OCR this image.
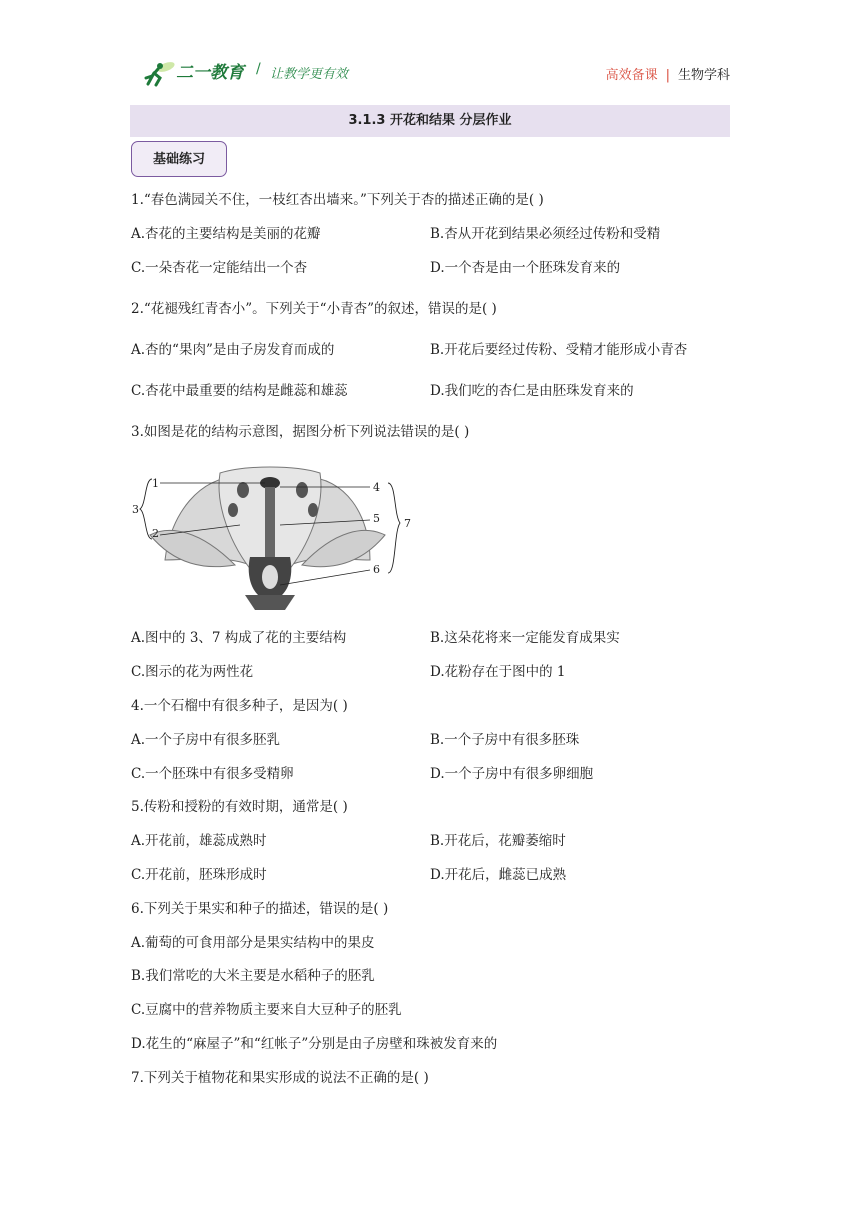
二一教育 / 让教学更有效	高效备课 | 生物学科
3.1.3 开花和结果 分层作业
基础练习
1.“春色满园关不住，一枝红杏出墙来。”下列关于杏的描述正确的是( )
A.杏花的主要结构是美丽的花瓣	B.杏从开花到结果必须经过传粉和受精
C.一朵杏花一定能结出一个杏	D.一个杏是由一个胚珠发育来的
2.“花褪残红青杏小”。下列关于“小青杏”的叙述，错误的是( )
A.杏的“果肉”是由子房发育而成的	B.开花后要经过传粉、受精才能形成小青杏
C.杏花中最重要的结构是雌蕊和雄蕊	D.我们吃的杏仁是由胚珠发育来的
3.如图是花的结构示意图，据图分析下列说法错误的是( )
1
2
3
4
5
6
7
A.图中的 3、7 构成了花的主要结构	B.这朵花将来一定能发育成果实
C.图示的花为两性花	D.花粉存在于图中的 1
4.一个石榴中有很多种子，是因为( )
A.一个子房中有很多胚乳	B.一个子房中有很多胚珠
C.一个胚珠中有很多受精卵	D.一个子房中有很多卵细胞
5.传粉和授粉的有效时期，通常是( )
A.开花前，雄蕊成熟时	B.开花后，花瓣萎缩时
C.开花前，胚珠形成时	D.开花后，雌蕊已成熟
6.下列关于果实和种子的描述，错误的是( )
A.葡萄的可食用部分是果实结构中的果皮
B.我们常吃的大米主要是水稻种子的胚乳
C.豆腐中的营养物质主要来自大豆种子的胚乳
D.花生的“麻屋子”和“红帐子”分别是由子房壁和珠被发育来的
7.下列关于植物花和果实形成的说法不正确的是( )
